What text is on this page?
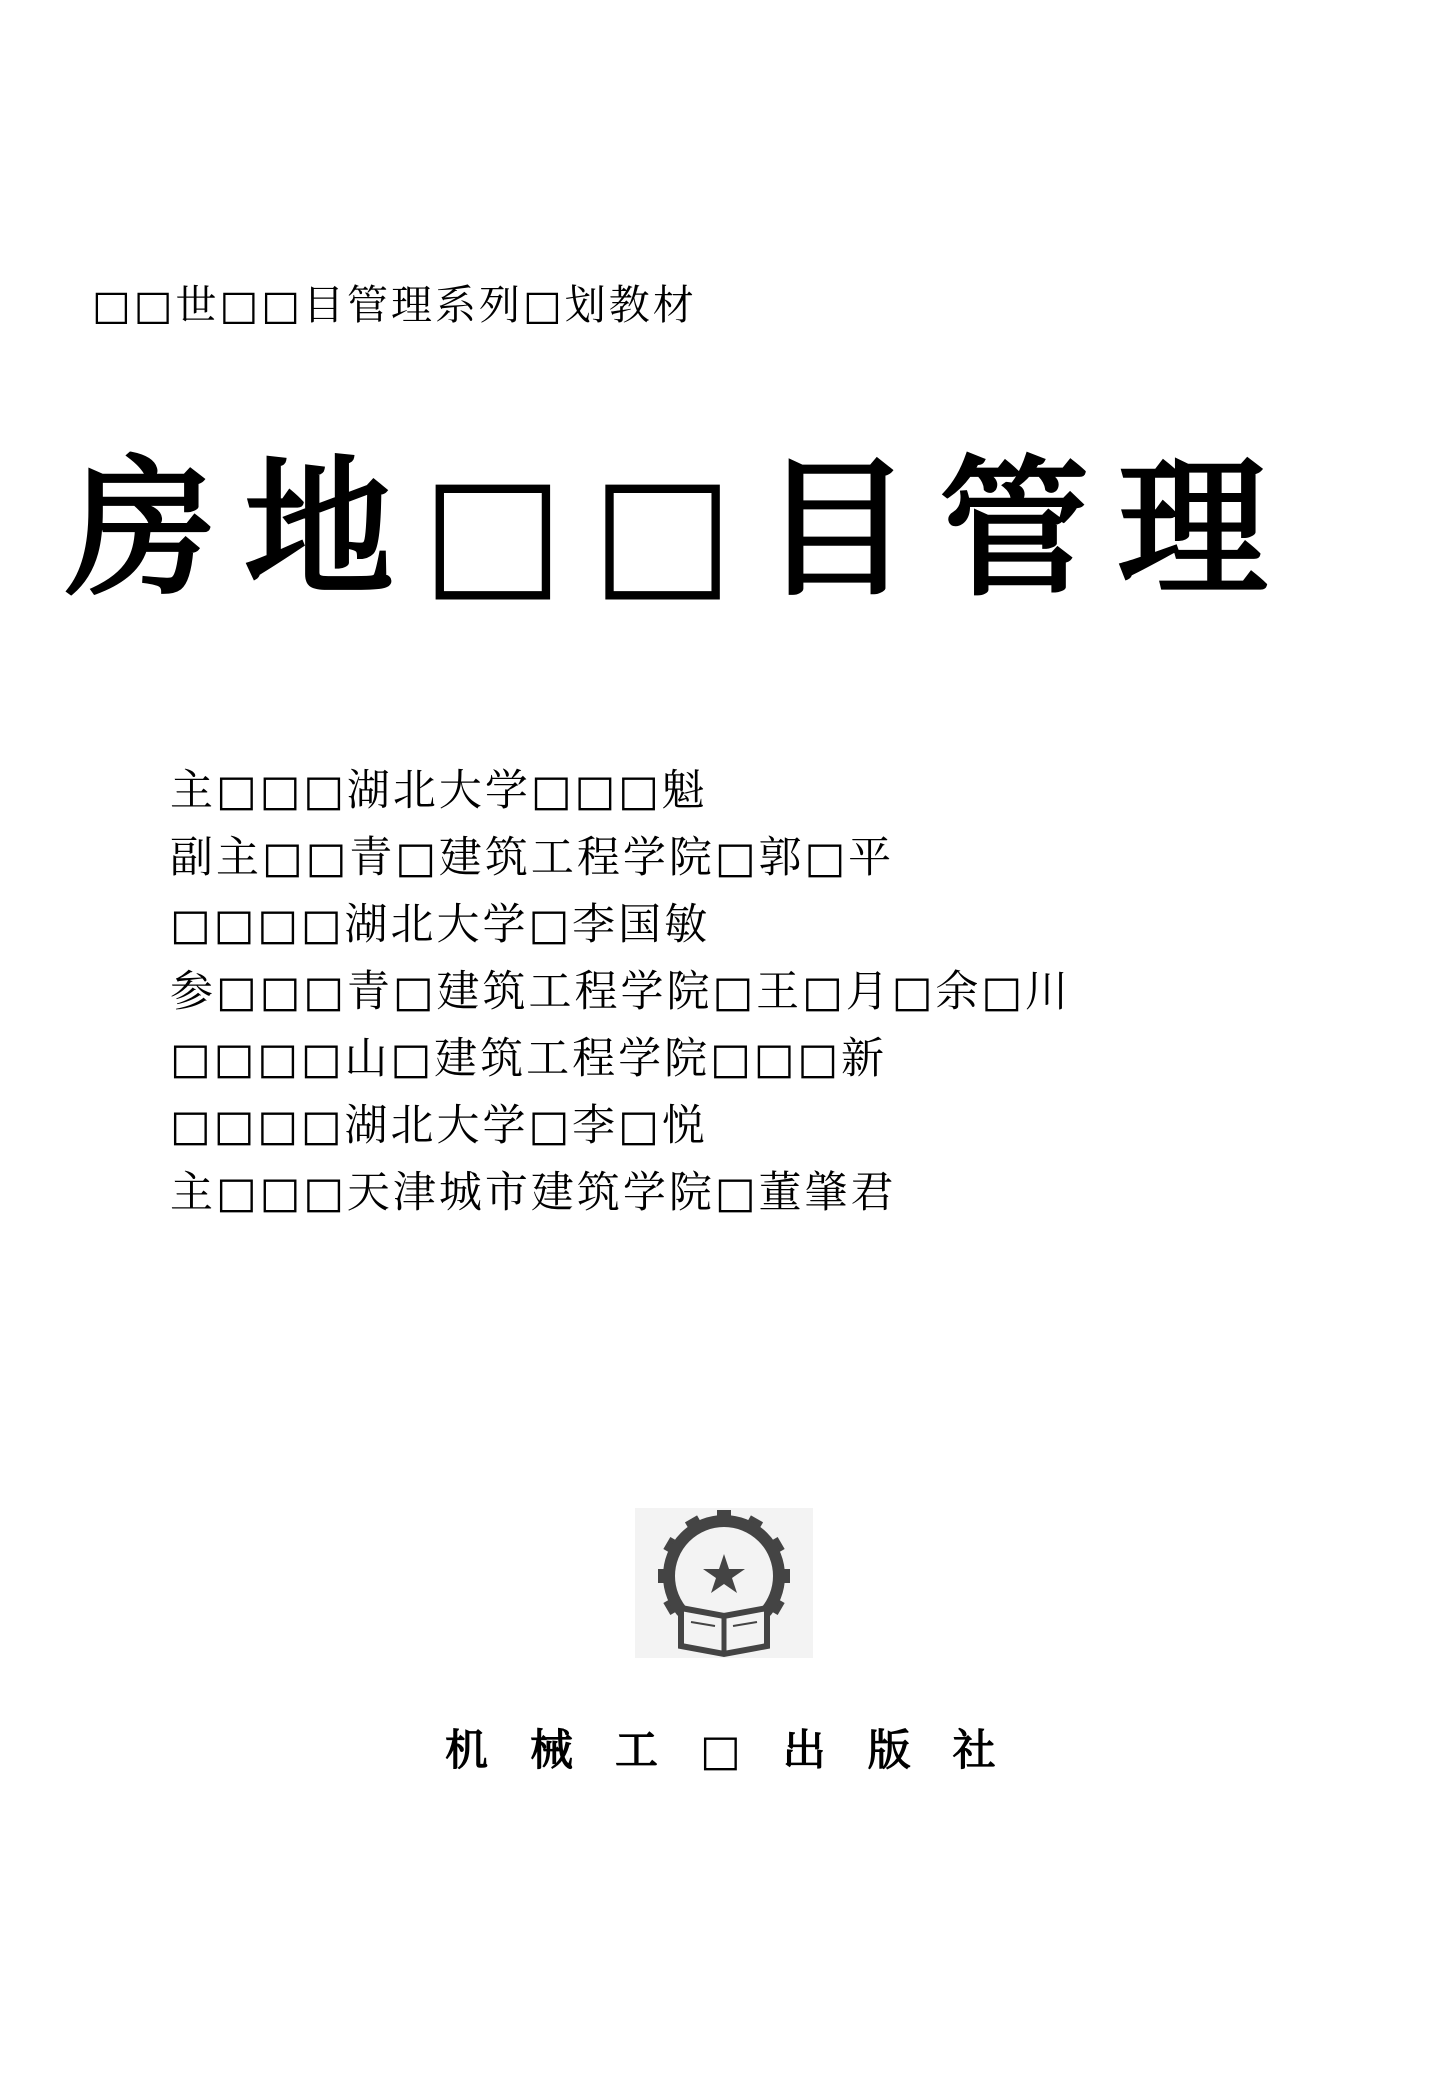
□□世□□目管理系列□划教材
房地□□目管理
主□□□湖北大学□□□魁
副主□□青□建筑工程学院□郭□平
□□□□湖北大学□李国敏
参□□□青□建筑工程学院□王□月□余□川
□□□□山□建筑工程学院□□□新
□□□□湖北大学□李□悦
主□□□天津城市建筑学院□董肇君

机械工□出版社
